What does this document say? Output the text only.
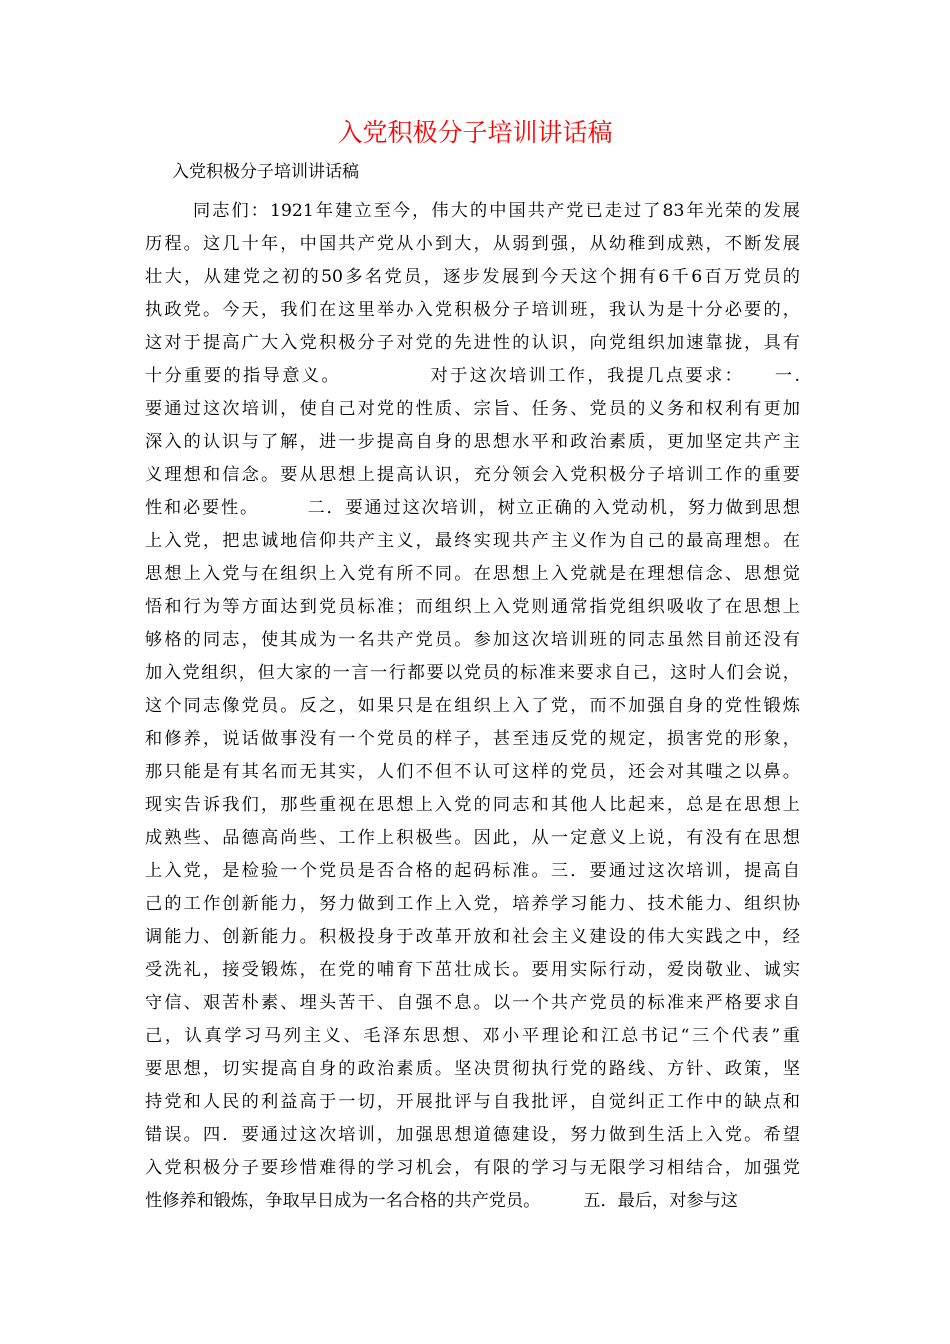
入党积极分子培训讲话稿
入党积极分子培训讲话稿
同志们：1921年建立至今，伟大的中国共产党已走过了83年光荣的发展
历程。这几十年，中国共产党从小到大，从弱到强，从幼稚到成熟，不断发展
壮大，从建党之初的50多名党员，逐步发展到今天这个拥有6千6百万党员的
执政党。今天，我们在这里举办入党积极分子培训班，我认为是十分必要的，
这对于提高广大入党积极分子对党的先进性的认识，向党组织加速靠拢，具有
十分重要的指导意义。　　　　　对于这次培训工作，我提几点要求：　　一.
要通过这次培训，使自己对党的性质、宗旨、任务、党员的义务和权利有更加
深入的认识与了解，进一步提高自身的思想水平和政治素质，更加坚定共产主
义理想和信念。要从思想上提高认识，充分领会入党积极分子培训工作的重要
性和必要性。　　　二．要通过这次培训，树立正确的入党动机，努力做到思想
上入党，把忠诚地信仰共产主义，最终实现共产主义作为自己的最高理想。在
思想上入党与在组织上入党有所不同。在思想上入党就是在理想信念、思想觉
悟和行为等方面达到党员标准；而组织上入党则通常指党组织吸收了在思想上
够格的同志，使其成为一名共产党员。参加这次培训班的同志虽然目前还没有
加入党组织，但大家的一言一行都要以党员的标准来要求自己，这时人们会说，
这个同志像党员。反之，如果只是在组织上入了党，而不加强自身的党性锻炼
和修养，说话做事没有一个党员的样子，甚至违反党的规定，损害党的形象，
那只能是有其名而无其实，人们不但不认可这样的党员，还会对其嗤之以鼻。
现实告诉我们，那些重视在思想上入党的同志和其他人比起来，总是在思想上
成熟些、品德高尚些、工作上积极些。因此，从一定意义上说，有没有在思想
上入党，是检验一个党员是否合格的起码标准。三．要通过这次培训，提高自
己的工作创新能力，努力做到工作上入党，培养学习能力、技术能力、组织协
调能力、创新能力。积极投身于改革开放和社会主义建设的伟大实践之中，经
受洗礼，接受锻炼，在党的哺育下茁壮成长。要用实际行动，爱岗敬业、诚实
守信、艰苦朴素、埋头苦干、自强不息。以一个共产党员的标准来严格要求自
己，认真学习马列主义、毛泽东思想、邓小平理论和江总书记“三个代表”重
要思想，切实提高自身的政治素质。坚决贯彻执行党的路线、方针、政策，坚
持党和人民的利益高于一切，开展批评与自我批评，自觉纠正工作中的缺点和
错误。四．要通过这次培训，加强思想道德建设，努力做到生活上入党。希望
入党积极分子要珍惜难得的学习机会，有限的学习与无限学习相结合，加强党
性修养和锻炼，争取早日成为一名合格的共产党员。　　　五．最后，对参与这
